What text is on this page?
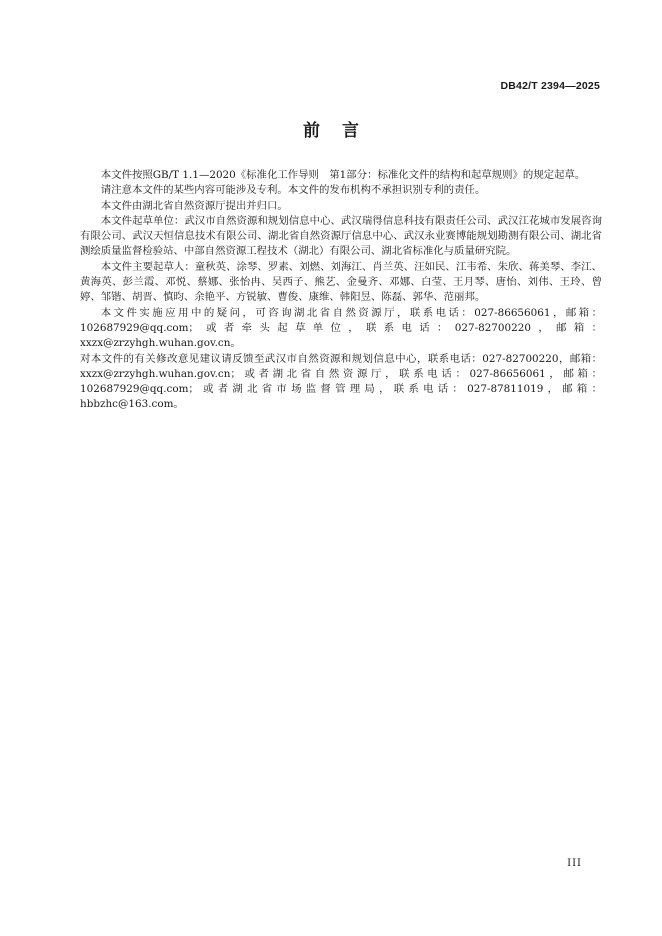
DB42/T 2394—2025
前言

本文件按照GB/T 1.1—2020《标准化工作导则　第1部分：标准化文件的结构和起草规则》的规定起草。

请注意本文件的某些内容可能涉及专利。本文件的发布机构不承担识别专利的责任。

本文件由湖北省自然资源厅提出并归口。

本文件起草单位：武汉市自然资源和规划信息中心、武汉瑞得信息科技有限责任公司、武汉江花城市发展咨询有限公司、武汉天恒信息技术有限公司、湖北省自然资源厅信息中心、武汉永业赛博能规划勘测有限公司、湖北省测绘质量监督检验站、中部自然资源工程技术（湖北）有限公司、湖北省标准化与质量研究院。

本文件主要起草人：童秋英、涂琴、罗素、刘燃、刘海江、肖兰英、汪如民、江韦希、朱欣、蒋美琴、李江、黄海英、彭兰霞、邓悦、蔡娜、张怡冉、吴西子、熊艺、金曼齐、邓娜、白莹、王月琴、唐怡、刘伟、王玲、曾婷、邹锴、胡晋、慎昀、余艳平、方锐敏、曹俊、康维、韩阳昱、陈磊、郭华、范丽邦。

本文件实施应用中的疑问，可咨询湖北省自然资源厅，联系电话：027-86656061，邮箱：102687929@qq.com；或者牵头起草单位，联系电话：027-82700220，邮箱：xxzx@zrzyhgh.wuhan.gov.cn。

对本文件的有关修改意见建议请反馈至武汉市自然资源和规划信息中心，联系电话：027-82700220，邮箱：xxzx@zrzyhgh.wuhan.gov.cn；或者湖北省自然资源厅，联系电话：027-86656061，邮箱：102687929@qq.com；或者湖北省市场监督管理局，联系电话：027-87811019，邮箱：hbbzhc@163.com。

III
